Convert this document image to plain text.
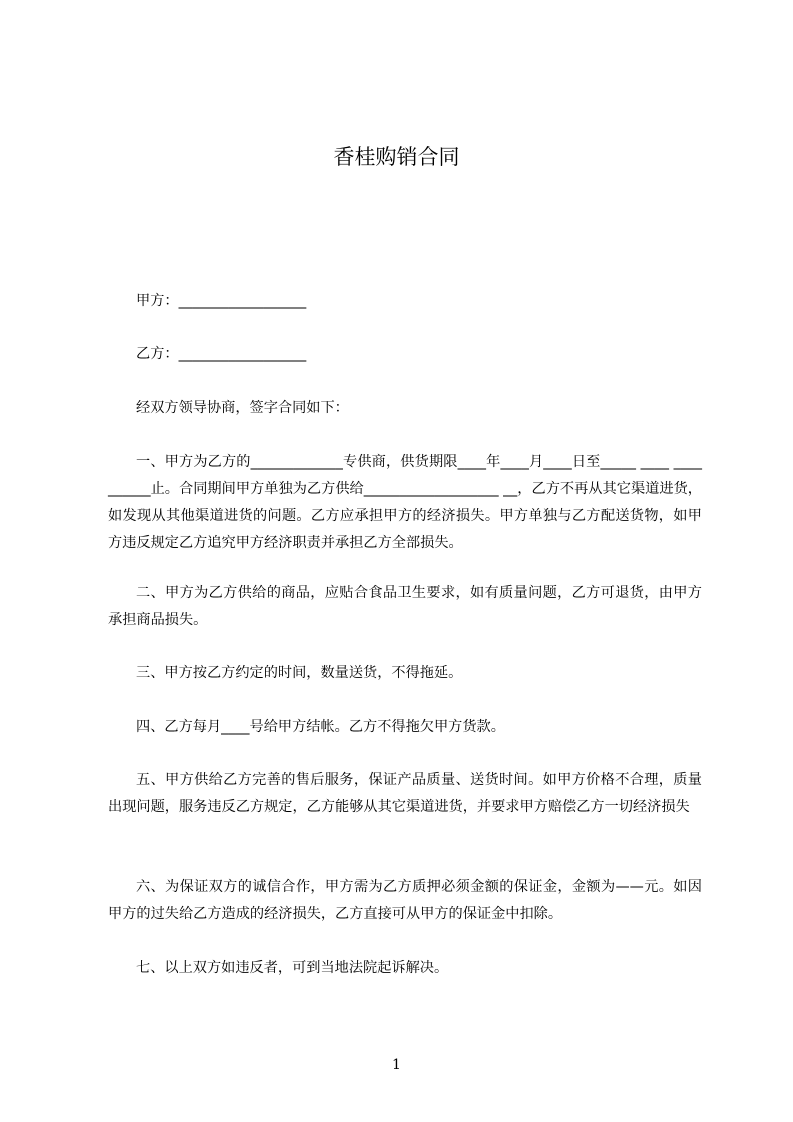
香桂购销合同
甲方：__________________
乙方：__________________
经双方领导协商，签字合同如下：
一、甲方为乙方的_____________专供商，供货期限____年____月____日至_____ ____ __________止。合同期间甲方单独为乙方供给___________________ __，乙方不再从其它渠道进货，如发现从其他渠道进货的问题。乙方应承担甲方的经济损失。甲方单独与乙方配送货物，如甲方违反规定乙方追究甲方经济职责并承担乙方全部损失。
二、甲方为乙方供给的商品，应贴合食品卫生要求，如有质量问题，乙方可退货，由甲方承担商品损失。
三、甲方按乙方约定的时间，数量送货，不得拖延。
四、乙方每月____号给甲方结帐。乙方不得拖欠甲方货款。
五、甲方供给乙方完善的售后服务，保证产品质量、送货时间。如甲方价格不合理，质量出现问题，服务违反乙方规定，乙方能够从其它渠道进货，并要求甲方赔偿乙方一切经济损失
六、为保证双方的诚信合作，甲方需为乙方质押必须金额的保证金，金额为——元。如因甲方的过失给乙方造成的经济损失，乙方直接可从甲方的保证金中扣除。
七、以上双方如违反者，可到当地法院起诉解决。
1
